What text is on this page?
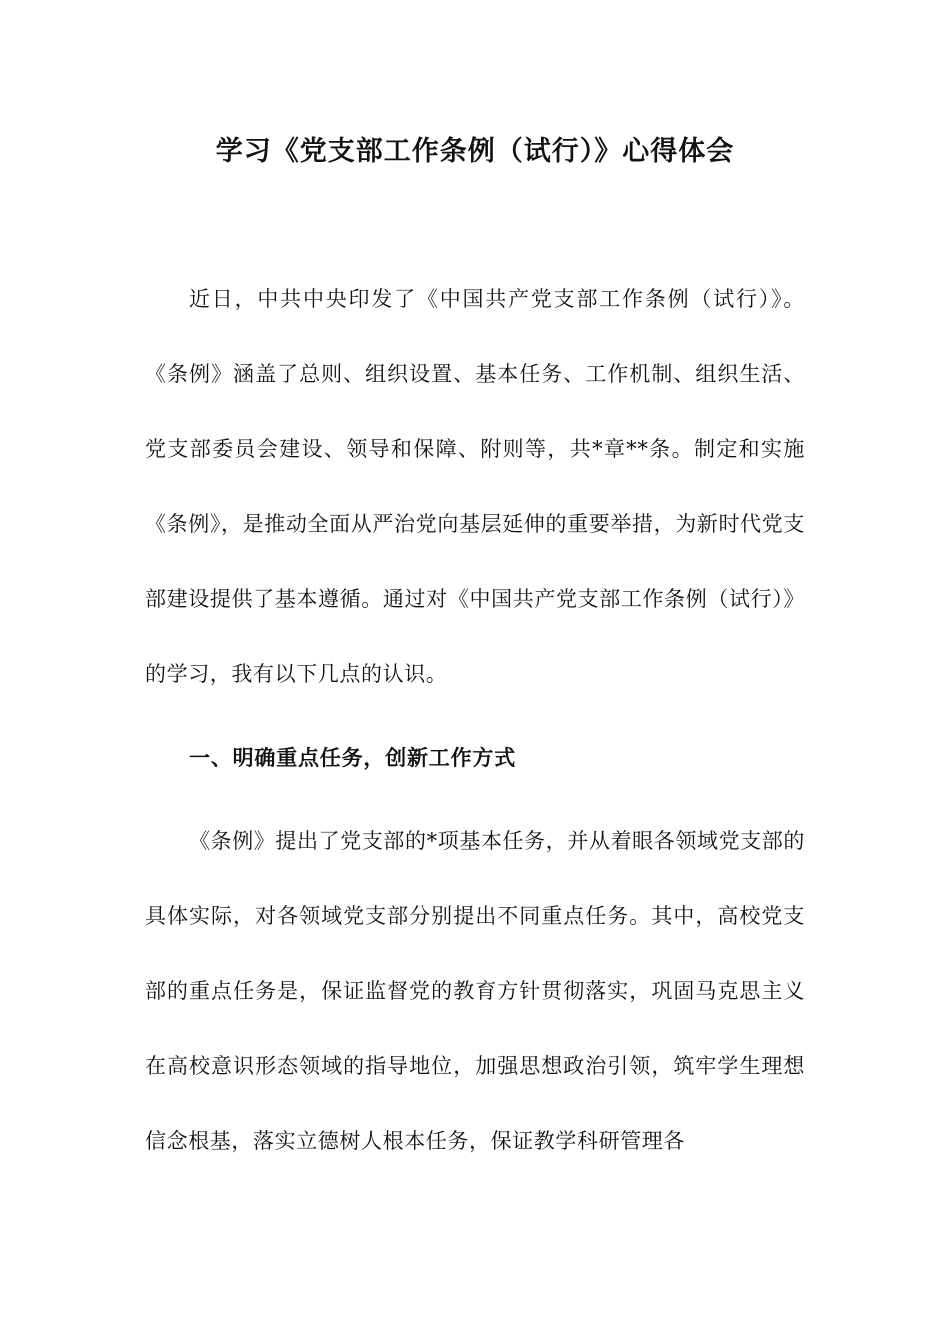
学习《党支部工作条例（试行）》心得体会

近日，中共中央印发了《中国共产党支部工作条例（试行）》。《条例》涵盖了总则、组织设置、基本任务、工作机制、组织生活、党支部委员会建设、领导和保障、附则等，共*章**条。制定和实施《条例》，是推动全面从严治党向基层延伸的重要举措，为新时代党支部建设提供了基本遵循。通过对《中国共产党支部工作条例（试行）》的学习，我有以下几点的认识。

一、明确重点任务，创新工作方式

《条例》提出了党支部的*项基本任务，并从着眼各领域党支部的具体实际，对各领域党支部分别提出不同重点任务。其中，高校党支部的重点任务是，保证监督党的教育方针贯彻落实，巩固马克思主义在高校意识形态领域的指导地位，加强思想政治引领，筑牢学生理想信念根基，落实立德树人根本任务，保证教学科研管理各
